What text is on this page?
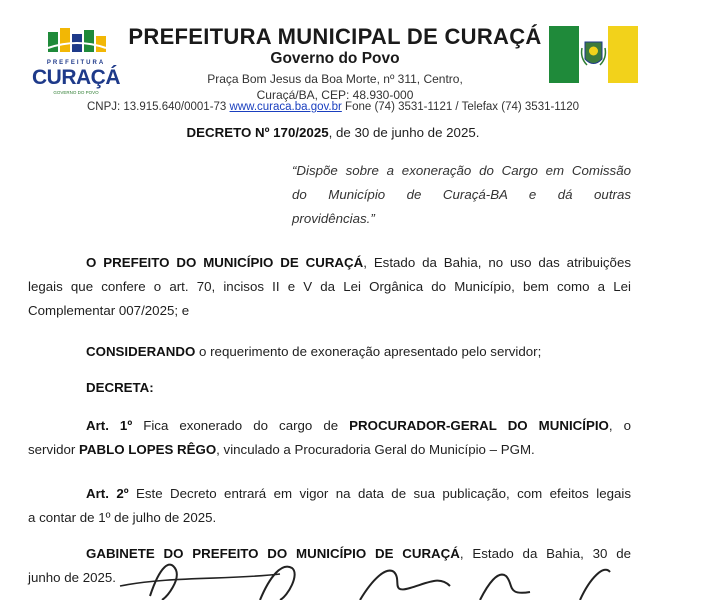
PREFEITURA
CURAÇÁ
GOVERNO DO POVO
PREFEITURA MUNICIPAL DE CURAÇÁ
Governo do Povo
Praça Bom Jesus da Boa Morte, nº 311, Centro,
Curaçá/BA, CEP: 48.930-000
CNPJ: 13.915.640/0001-73 www.curaca.ba.gov.br Fone (74) 3531-1121 / Telefax (74) 3531-1120
DECRETO Nº 170/2025, de 30 de junho de 2025.
“Dispõe sobre a exoneração do Cargo em Comissão
do Município de Curaçá-BA e dá outras
providências.”
O PREFEITO DO MUNICÍPIO DE CURAÇÁ, Estado da Bahia, no uso das atribuições
legais que confere o art. 70, incisos II e V da Lei Orgânica do Município, bem como a Lei
Complementar 007/2025; e
CONSIDERANDO o requerimento de exoneração apresentado pelo servidor;
DECRETA:
Art. 1º Fica exonerado do cargo de PROCURADOR-GERAL DO MUNICÍPIO, o
servidor PABLO LOPES RÊGO, vinculado a Procuradoria Geral do Município – PGM.
Art. 2º Este Decreto entrará em vigor na data de sua publicação, com efeitos legais
a contar de 1º de julho de 2025.
GABINETE DO PREFEITO DO MUNICÍPIO DE CURAÇÁ, Estado da Bahia, 30 de
junho de 2025.
